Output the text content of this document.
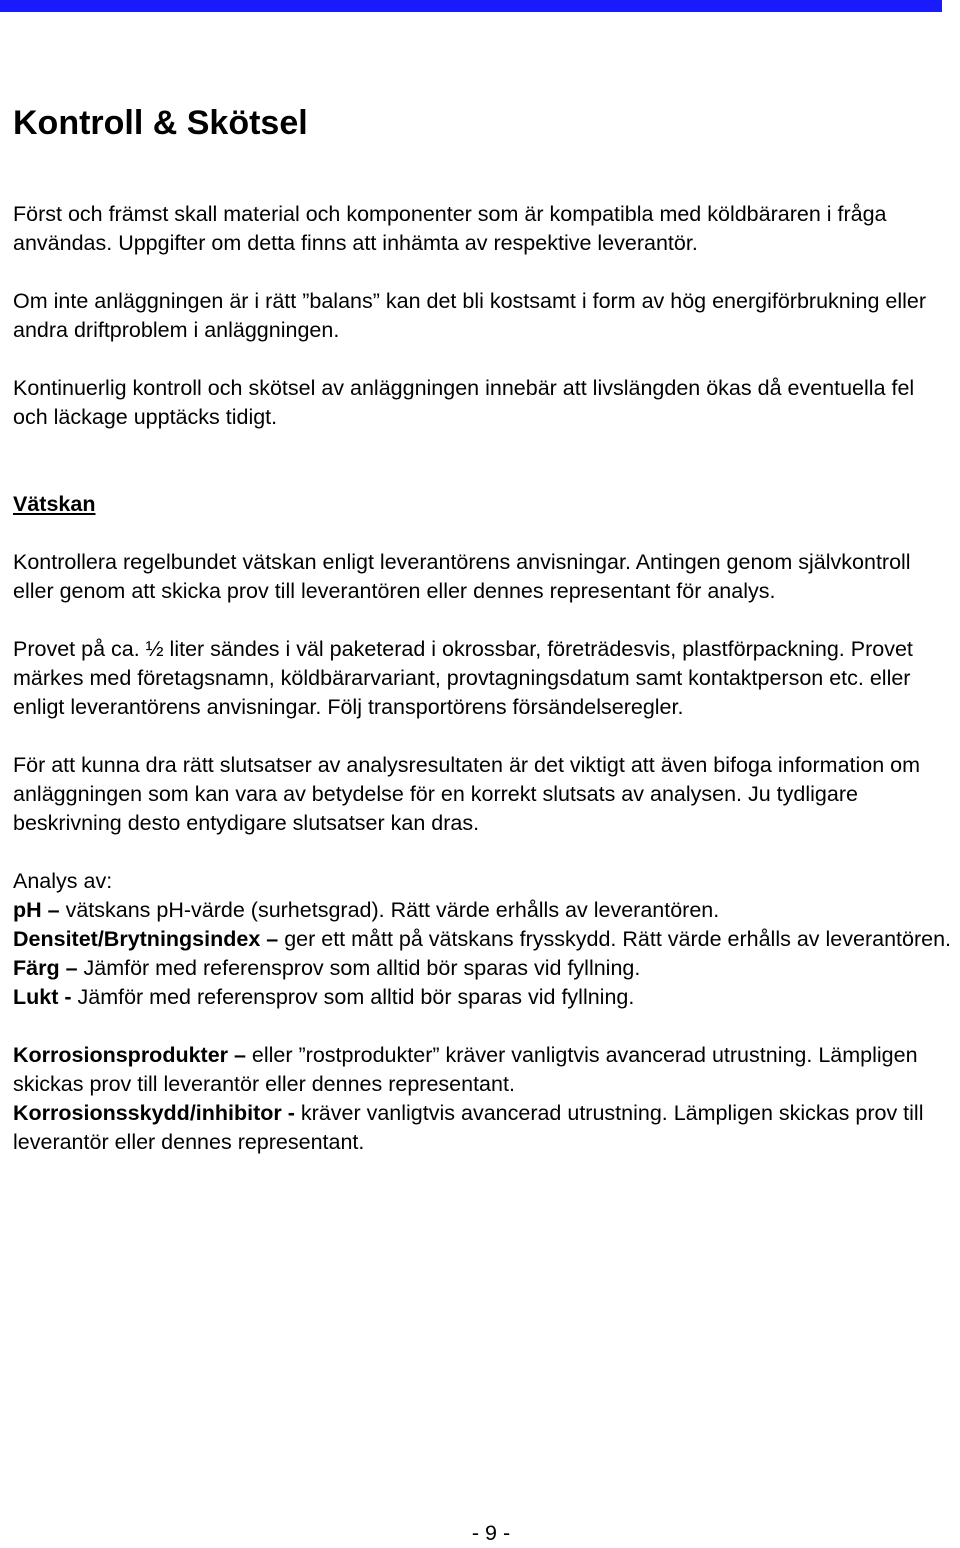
Kontroll & Skötsel

Först och främst skall material och komponenter som är kompatibla med köldbäraren i fråga användas. Uppgifter om detta finns att inhämta av respektive leverantör.

Om inte anläggningen är i rätt ”balans” kan det bli kostsamt i form av hög energiförbrukning eller andra driftproblem i anläggningen.

Kontinuerlig kontroll och skötsel av anläggningen innebär att livslängden ökas då eventuella fel och läckage upptäcks tidigt.

Vätskan

Kontrollera regelbundet vätskan enligt leverantörens anvisningar. Antingen genom självkontroll eller genom att skicka prov till leverantören eller dennes representant för analys.

Provet på ca. ½ liter sändes i väl paketerad i okrossbar, företrädesvis, plastförpackning. Provet märkes med företagsnamn, köldbärarvariant, provtagningsdatum samt kontaktperson etc. eller enligt leverantörens anvisningar. Följ transportörens försändelseregler.

För att kunna dra rätt slutsatser av analysresultaten är det viktigt att även bifoga information om anläggningen som kan vara av betydelse för en korrekt slutsats av analysen. Ju tydligare beskrivning desto entydigare slutsatser kan dras.

Analys av:
pH – vätskans pH-värde (surhetsgrad). Rätt värde erhålls av leverantören.
Densitet/Brytningsindex – ger ett mått på vätskans frysskydd. Rätt värde erhålls av leverantören.
Färg – Jämför med referensprov som alltid bör sparas vid fyllning.
Lukt - Jämför med referensprov som alltid bör sparas vid fyllning.
Korrosionsprodukter – eller ”rostprodukter” kräver vanligtvis avancerad utrustning. Lämpligen skickas prov till leverantör eller dennes representant.
Korrosionsskydd/inhibitor - kräver vanligtvis avancerad utrustning. Lämpligen skickas prov till leverantör eller dennes representant.
- 9 -
